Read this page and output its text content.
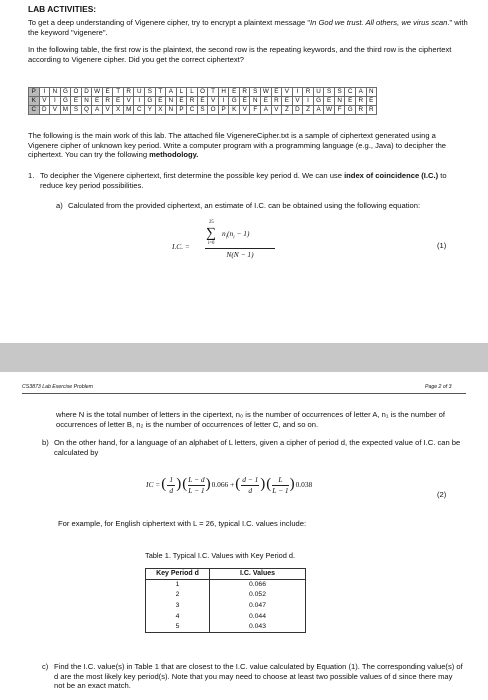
LAB ACTIVITIES:
To get a deep understanding of Vigenere cipher, try to encrypt a plaintext message "In God we trust. All others, we virus scan." with the keyword "vigenere".
In the following table, the first row is the plaintext, the second row is the repeating keywords, and the third row is the ciphertext according to Vigenere cipher. Did you get the correct ciphertext?
P	I	N	G	O	D	W	E	T	R	U	S	T	A	L	L	O	T	H	E	R	S	W	E	V	I	R	U	S	S	C	A	N
K	V	I	G	E	N	E	R	E	V	I	G	E	N	E	R	E	V	I	G	E	N	E	R	E	V	I	G	E	N	E	R	E
C	D	V	M	S	Q	A	V	X	M	C	Y	X	N	P	C	S	O	P	K	V	F	A	V	Z	D	Z	A	W	F	G	R	R
The following is the main work of this lab. The attached file VigenereCipher.txt is a sample of ciphertext generated using a Vigenere cipher of unknown key period. Write a computer program with a programming language (e.g., Java) to decipher the ciphertext. You can try the following methodology.
1. To decipher the Vigenere ciphertext, first determine the possible key period d. We can use index of coincidence (I.C.) to reduce key period possibilities.
a) Calculated from the provided ciphertext, an estimate of I.C. can be obtained using the following equation:
I.C. =
25
∑
i=0
$n_i(n_i - 1)$
N(N − 1)
(1)
CS3873 Lab Exercise Problem	Page 2 of 3
where N is the total number of letters in the cipertext, n₀ is the number of occurrences of letter A, n₁ is the number of occurrences of letter B, n₂ is the number of occurrences of letter C, and so on.
b) On the other hand, for a language of an alphabet of L letters, given a cipher of period d, the expected value of I.C. can be calculated by
IC = ( $\frac{1}{d}$ ) ( $\frac{L - d}{L - 1}$ ) 0.066 + ( $\frac{d - 1}{d}$ ) ( $\frac{L}{L - 1}$ ) 0.038
(2)
For example, for English ciphertext with L = 26, typical I.C. values include:
Table 1. Typical I.C. Values with Key Period d.
Key Period d	I.C. Values
1	0.066
2	0.052
3	0.047
4	0.044
5	0.043
c) Find the I.C. value(s) in Table 1 that are closest to the I.C. value calculated by Equation (1). The corresponding value(s) of d are the most likely key period(s). Note that you may need to choose at least two possible values of d since there may not be an exact match.
